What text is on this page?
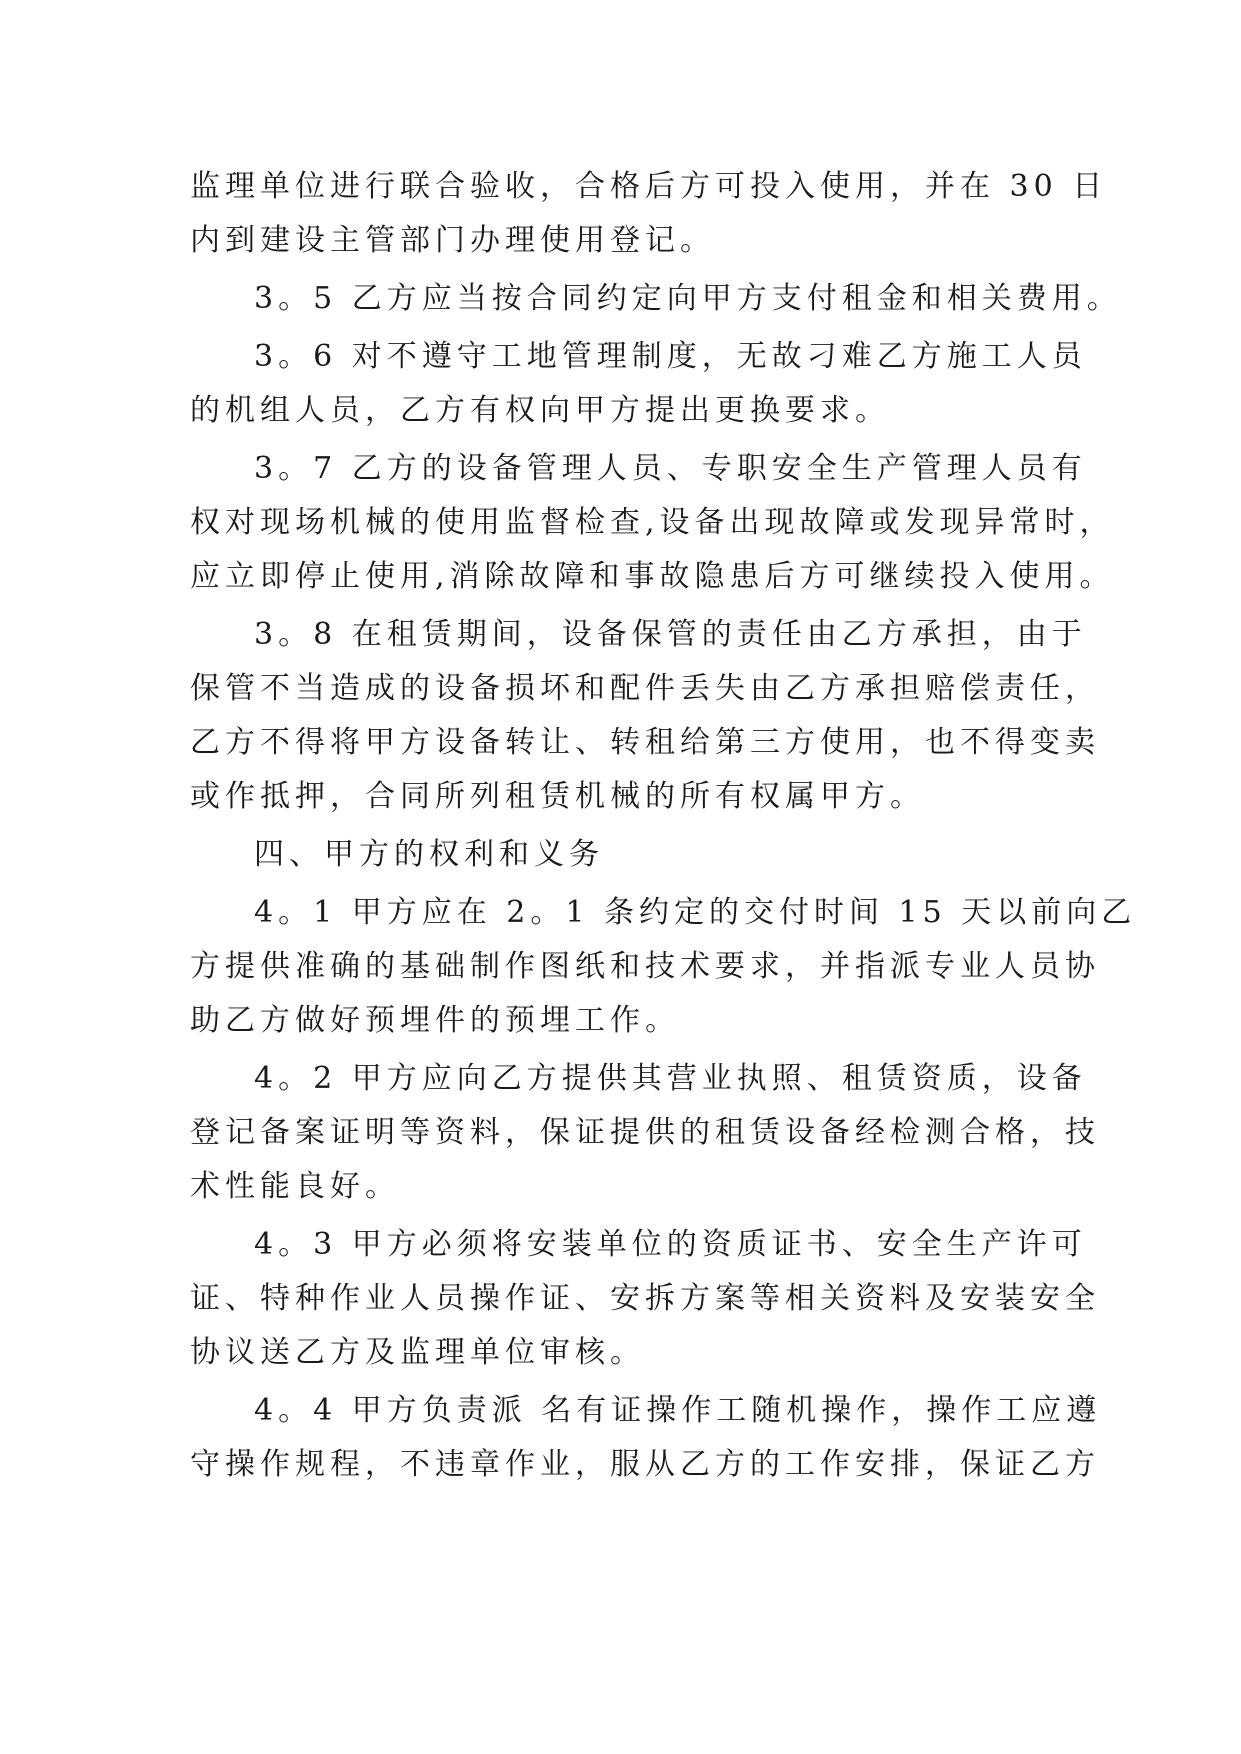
监理单位进行联合验收，合格后方可投入使用，并在 30 日
内到建设主管部门办理使用登记。
3。5 乙方应当按合同约定向甲方支付租金和相关费用。
3。6 对不遵守工地管理制度，无故刁难乙方施工人员
的机组人员，乙方有权向甲方提出更换要求。
3。7 乙方的设备管理人员、专职安全生产管理人员有
权对现场机械的使用监督检查,设备出现故障或发现异常时，
应立即停止使用,消除故障和事故隐患后方可继续投入使用。
3。8 在租赁期间，设备保管的责任由乙方承担，由于
保管不当造成的设备损坏和配件丢失由乙方承担赔偿责任，
乙方不得将甲方设备转让、转租给第三方使用，也不得变卖
或作抵押，合同所列租赁机械的所有权属甲方。
四、甲方的权利和义务
4。1 甲方应在 2。1 条约定的交付时间 15 天以前向乙
方提供准确的基础制作图纸和技术要求，并指派专业人员协
助乙方做好预埋件的预埋工作。
4。2 甲方应向乙方提供其营业执照、租赁资质，设备
登记备案证明等资料，保证提供的租赁设备经检测合格，技
术性能良好。
4。3 甲方必须将安装单位的资质证书、安全生产许可
证、特种作业人员操作证、安拆方案等相关资料及安装安全
协议送乙方及监理单位审核。
4。4 甲方负责派 名有证操作工随机操作，操作工应遵
守操作规程，不违章作业，服从乙方的工作安排，保证乙方
